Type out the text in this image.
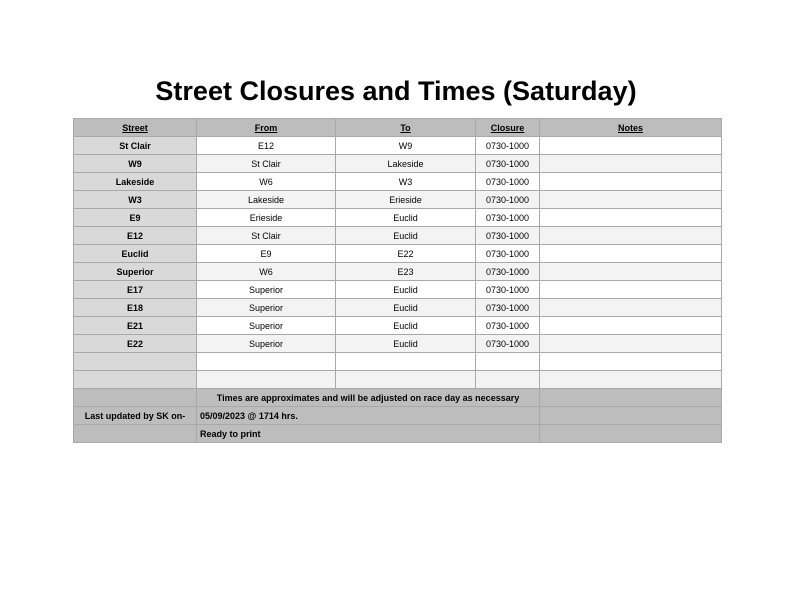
Street Closures and Times (Saturday)
Street	From	To	Closure	Notes
St Clair	E12	W9	0730-1000	
W9	St Clair	Lakeside	0730-1000	
Lakeside	W6	W3	0730-1000	
W3	Lakeside	Erieside	0730-1000	
E9	Erieside	Euclid	0730-1000	
E12	St Clair	Euclid	0730-1000	
Euclid	E9	E22	0730-1000	
Superior	W6	E23	0730-1000	
E17	Superior	Euclid	0730-1000	
E18	Superior	Euclid	0730-1000	
E21	Superior	Euclid	0730-1000	
E22	Superior	Euclid	0730-1000	

	Times are approximates and will be adjusted on race day as necessary			
Last updated by SK on-	05/09/2023 @ 1714 hrs.			
	Ready to print			
